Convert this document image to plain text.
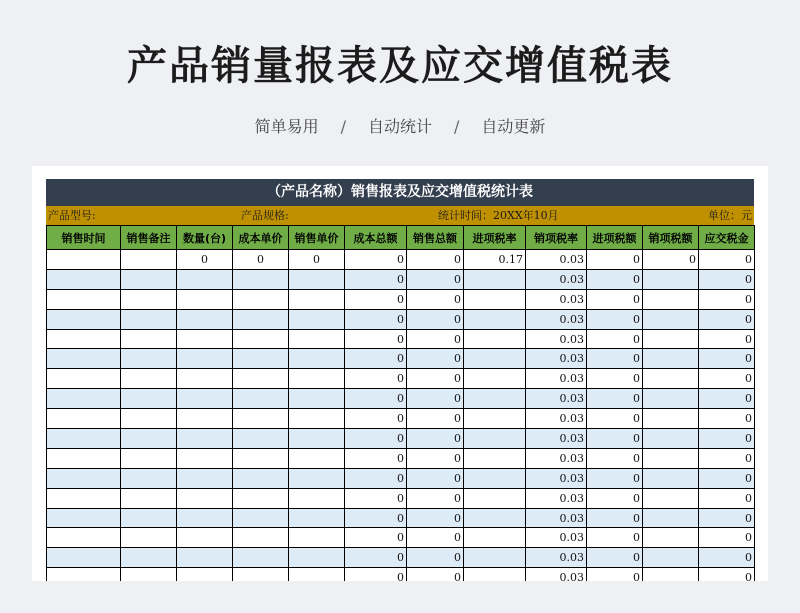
产品销量报表及应交增值税表
简单易用 / 自动统计 / 自动更新
（产品名称）销售报表及应交增值税统计表
产品型号:	产品规格:	统计时间：20XX年10月	单位：元
销售时间	销售备注	数量(台)	成本单价	销售单价	成本总额	销售总额	进项税率	销项税率	进项税额	销项税额	应交税金
		0	0	0	0	0	0.17	0.03	0	0	0
					0	0		0.03	0		0
					0	0		0.03	0		0
					0	0		0.03	0		0
					0	0		0.03	0		0
					0	0		0.03	0		0
					0	0		0.03	0		0
					0	0		0.03	0		0
					0	0		0.03	0		0
					0	0		0.03	0		0
					0	0		0.03	0		0
					0	0		0.03	0		0
					0	0		0.03	0		0
					0	0		0.03	0		0
					0	0		0.03	0		0
					0	0		0.03	0		0
					0	0		0.03	0		0
